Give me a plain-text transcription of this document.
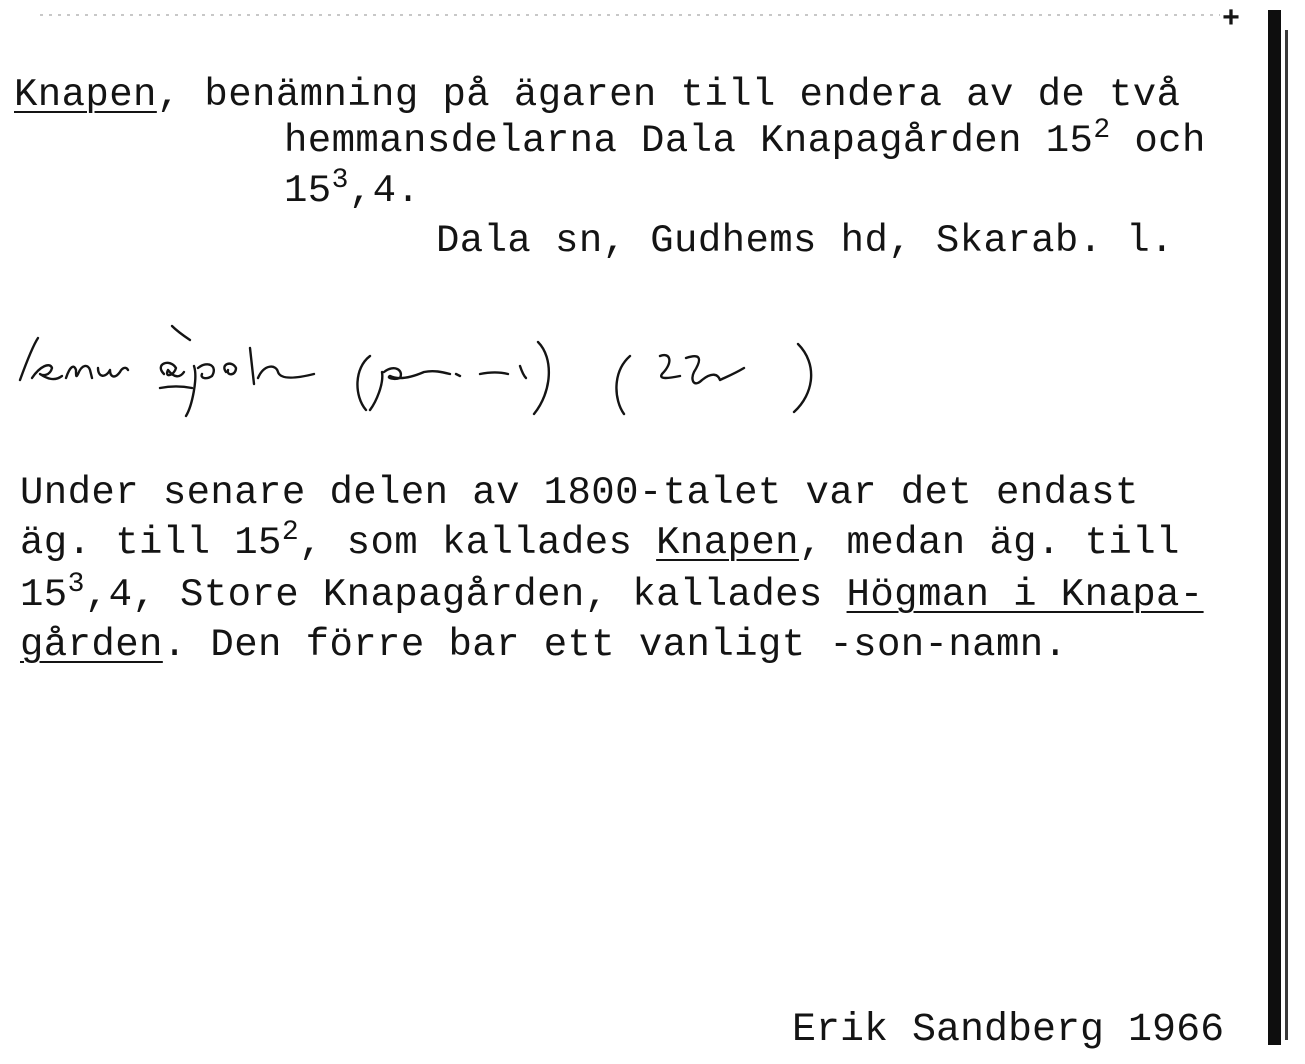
+
Knapen, benämning på ägaren till endera av de två
hemmansdelarna Dala Knapagården $15^2$ och
$15^3,4$.
Dala sn, Gudhems hd, Skarab. l.
Under senare delen av 1800-talet var det endast
äg. till $15^2$, som kallades Knapen, medan äg. till
$15^3,4$, Store Knapagården, kallades Högman i Knapa-
gården. Den förre bar ett vanligt -son-namn.
Erik Sandberg 1966
